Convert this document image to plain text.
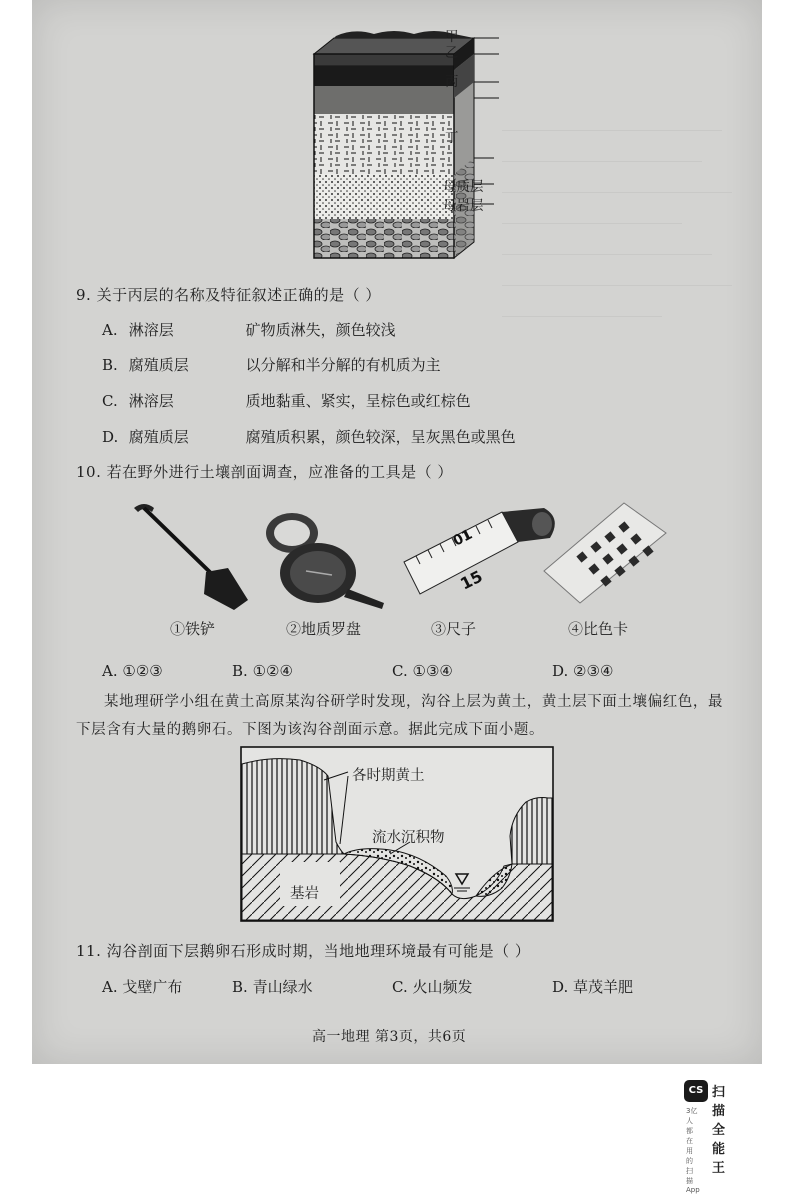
甲
乙
丙
丁
母质层
母岩层
9. 关于丙层的名称及特征叙述正确的是（ ）
A. 淋溶层	矿物质淋失，颜色较浅
B. 腐殖质层	以分解和半分解的有机质为主
C. 淋溶层	质地黏重、紧实，呈棕色或红棕色
D. 腐殖质层	腐殖质积累，颜色较深，呈灰黑色或黑色
10. 若在野外进行土壤剖面调查，应准备的工具是（ ）
01
15
①铁铲	②地质罗盘	③尺子	④比色卡
A. ①②③	B. ①②④	C. ①③④	D. ②③④
某地理研学小组在黄土高原某沟谷研学时发现，沟谷上层为黄土，黄土层下面土壤偏红色，最下层含有大量的鹅卵石。下图为该沟谷剖面示意。据此完成下面小题。
各时期黄土
流水沉积物
基岩
11. 沟谷剖面下层鹅卵石形成时期，当地地理环境最有可能是（ ）
A. 戈壁广布	B. 青山绿水	C. 火山频发	D. 草茂羊肥
高一地理 第3页，共6页
CS 扫描全能王
3亿人都在用的扫描App
